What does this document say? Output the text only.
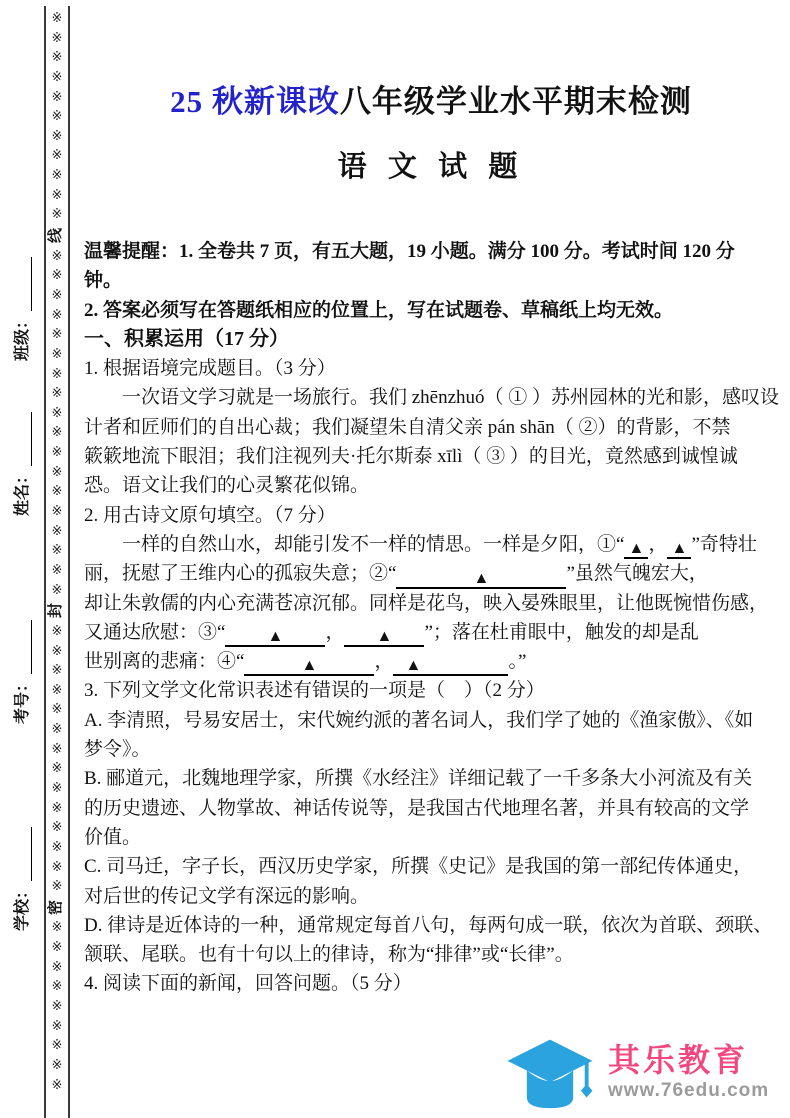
※
※
※
※
※
※
※
※
※
※
※
线
※
※
※
※
※
※
※
※
※
※
※
※
※
※
※
※
※
※
封
※
※
※
※
※
※
※
※
※
※
※
※
※
※
密
※
※
※
※
※
※
※
※
※
班级：
姓名：
考号：
学校：
25 秋新课改八年级学业水平期末检测
语 文 试 题
温馨提醒：1. 全卷共 7 页，有五大题，19 小题。满分 100 分。考试时间 120 分
钟。
2. 答案必须写在答题纸相应的位置上，写在试题卷、草稿纸上均无效。
一、积累运用（17 分）
1. 根据语境完成题目。（3 分）
一次语文学习就是一场旅行。我们 zhēnzhuó（ ① ）苏州园林的光和影，感叹设
计者和匠师们的自出心裁；我们凝望朱自清父亲 pán shān（ ②）的背影，不禁
簌簌地流下眼泪；我们注视列夫·托尔斯泰 xīlì（ ③ ）的目光，竟然感到诚惶诚
恐。语文让我们的心灵繁花似锦。
2. 用古诗文原句填空。（7 分）
一样的自然山水，却能引发不一样的情思。一样是夕阳，①“ ▲ ， ▲ ”奇特壮
丽，抚慰了王维内心的孤寂失意；②“	▲	”虽然气魄宏大，
却让朱敦儒的内心充满苍凉沉郁。同样是花鸟，映入晏殊眼里，让他既惋惜伤感，
又通达欣慰：③“	▲ ， ▲ ”；落在杜甫眼中，触发的却是乱
世别离的悲痛：④“	▲	， ▲	。”
3. 下列文学文化常识表述有错误的一项是（　）（2 分）
A. 李清照，号易安居士，宋代婉约派的著名词人，我们学了她的《渔家傲》、《如
梦令》。
B. 郦道元，北魏地理学家，所撰《水经注》详细记载了一千多条大小河流及有关
的历史遗迹、人物掌故、神话传说等，是我国古代地理名著，并具有较高的文学
价值。
C. 司马迁，字子长，西汉历史学家，所撰《史记》是我国的第一部纪传体通史，
对后世的传记文学有深远的影响。
D. 律诗是近体诗的一种，通常规定每首八句，每两句成一联，依次为首联、颈联、
颔联、尾联。也有十句以上的律诗，称为“排律”或“长律”。
4. 阅读下面的新闻，回答问题。（5 分）
其乐教育
www.76edu.com
